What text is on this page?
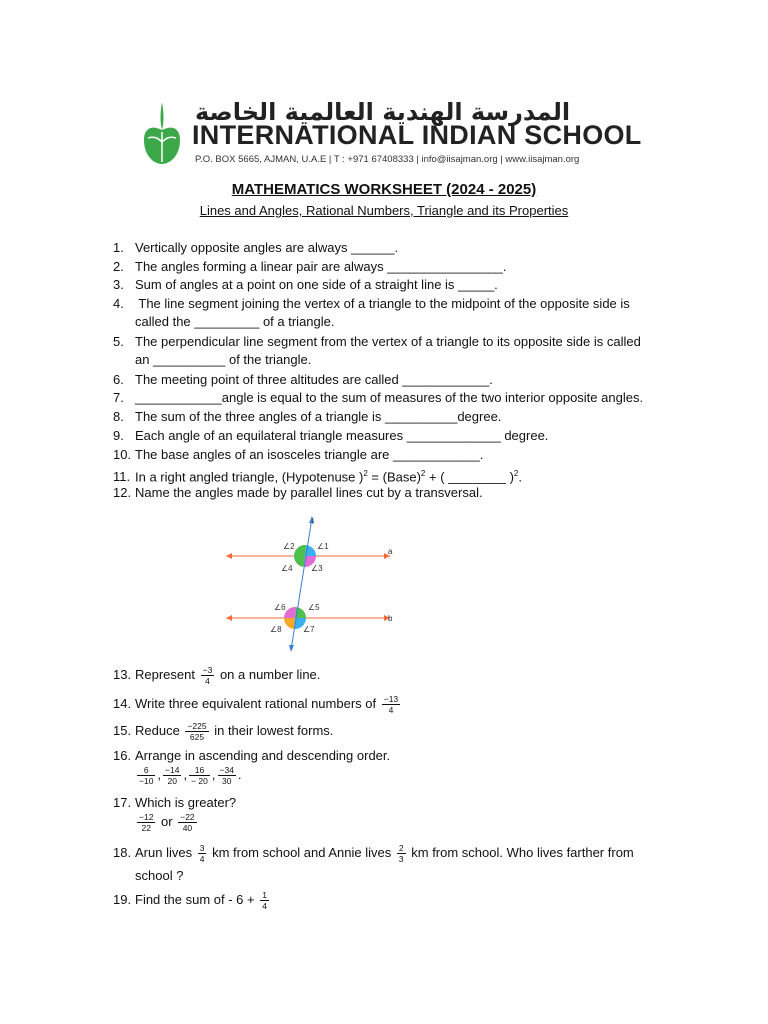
المدرسة الهندية العالمية الخاصة
INTERNATIONAL INDIAN SCHOOL
P.O. BOX 5665, AJMAN, U.A.E | T : +971 67408333 | info@iisajman.org | www.iisajman.org
MATHEMATICS WORKSHEET (2024 - 2025)
Lines and Angles, Rational Numbers, Triangle and its Properties
1. Vertically opposite angles are always ______.
2. The angles forming a linear pair are always ________________.
3. Sum of angles at a point on one side of a straight line is _____.
4. The line segment joining the vertex of a triangle to the midpoint of the opposite side is
called the _________ of a triangle.
5. The perpendicular line segment from the vertex of a triangle to its opposite side is called
an __________ of the triangle.
6. The meeting point of three altitudes are called ____________.
7. ____________angle is equal to the sum of measures of the two interior opposite angles.
8. The sum of the three angles of a triangle is __________degree.
9. Each angle of an equilateral triangle measures _____________ degree.
10. The base angles of an isosceles triangle are ____________.
11. In a right angled triangle, (Hypotenuse )$^2$ = (Base)$^2$ + ( ________ )$^2$.
12. Name the angles made by parallel lines cut by a transversal.
l
a
b
∠1
∠2
∠3
∠4
∠5
∠6
∠7
∠8
13. Represent $\frac{-3}{4}$ on a number line.
14. Write three equivalent rational numbers of $\frac{-13}{4}$
15. Reduce $\frac{-225}{625}$ in their lowest forms.
16. Arrange in ascending and descending order.
$\frac{6}{-10}$ , $\frac{-14}{20}$ , $\frac{16}{- 20}$ , $\frac{-34}{30}$ .
17. Which is greater?
$\frac{-12}{22}$ or $\frac{-22}{40}$
18. Arun lives $\frac{3}{4}$ km from school and Annie lives $\frac{2}{3}$ km from school. Who lives farther from
school ?
19. Find the sum of - $6 + \frac{1}{4}$
